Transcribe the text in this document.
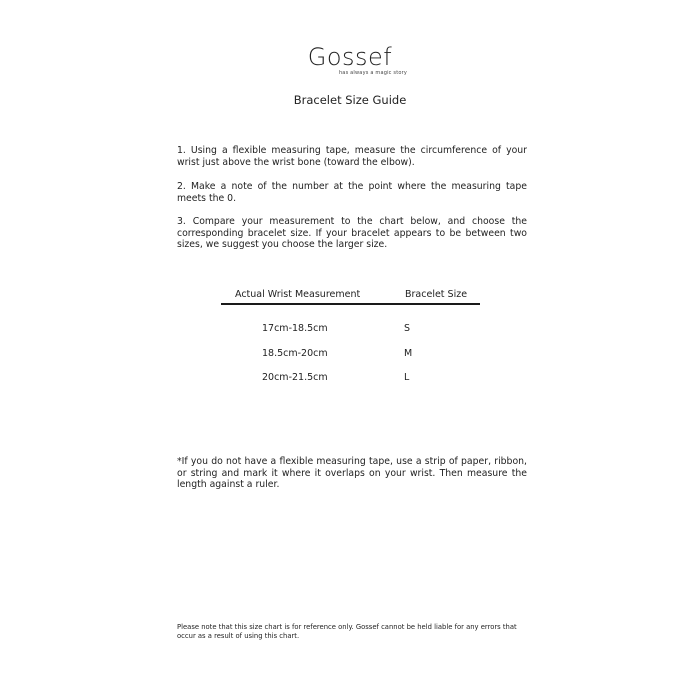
Gossef
has always a magic story
Bracelet Size Guide
1. Using a flexible measuring tape, measure the circumference of your wrist just above the wrist bone (toward the elbow).
2. Make a note of the number at the point where the measuring tape meets the 0.
3. Compare your measurement to the chart below, and choose the corresponding bracelet size. If your bracelet appears to be between two sizes, we suggest you choose the larger size.
Actual Wrist Measurement	Bracelet Size
17cm-18.5cm	S
18.5cm-20cm	M
20cm-21.5cm	L
*If you do not have a flexible measuring tape, use a strip of paper, ribbon, or string and mark it where it overlaps on your wrist. Then measure the length against a ruler.
Please note that this size chart is for reference only. Gossef cannot be held liable for any errors that occur as a result of using this chart.
